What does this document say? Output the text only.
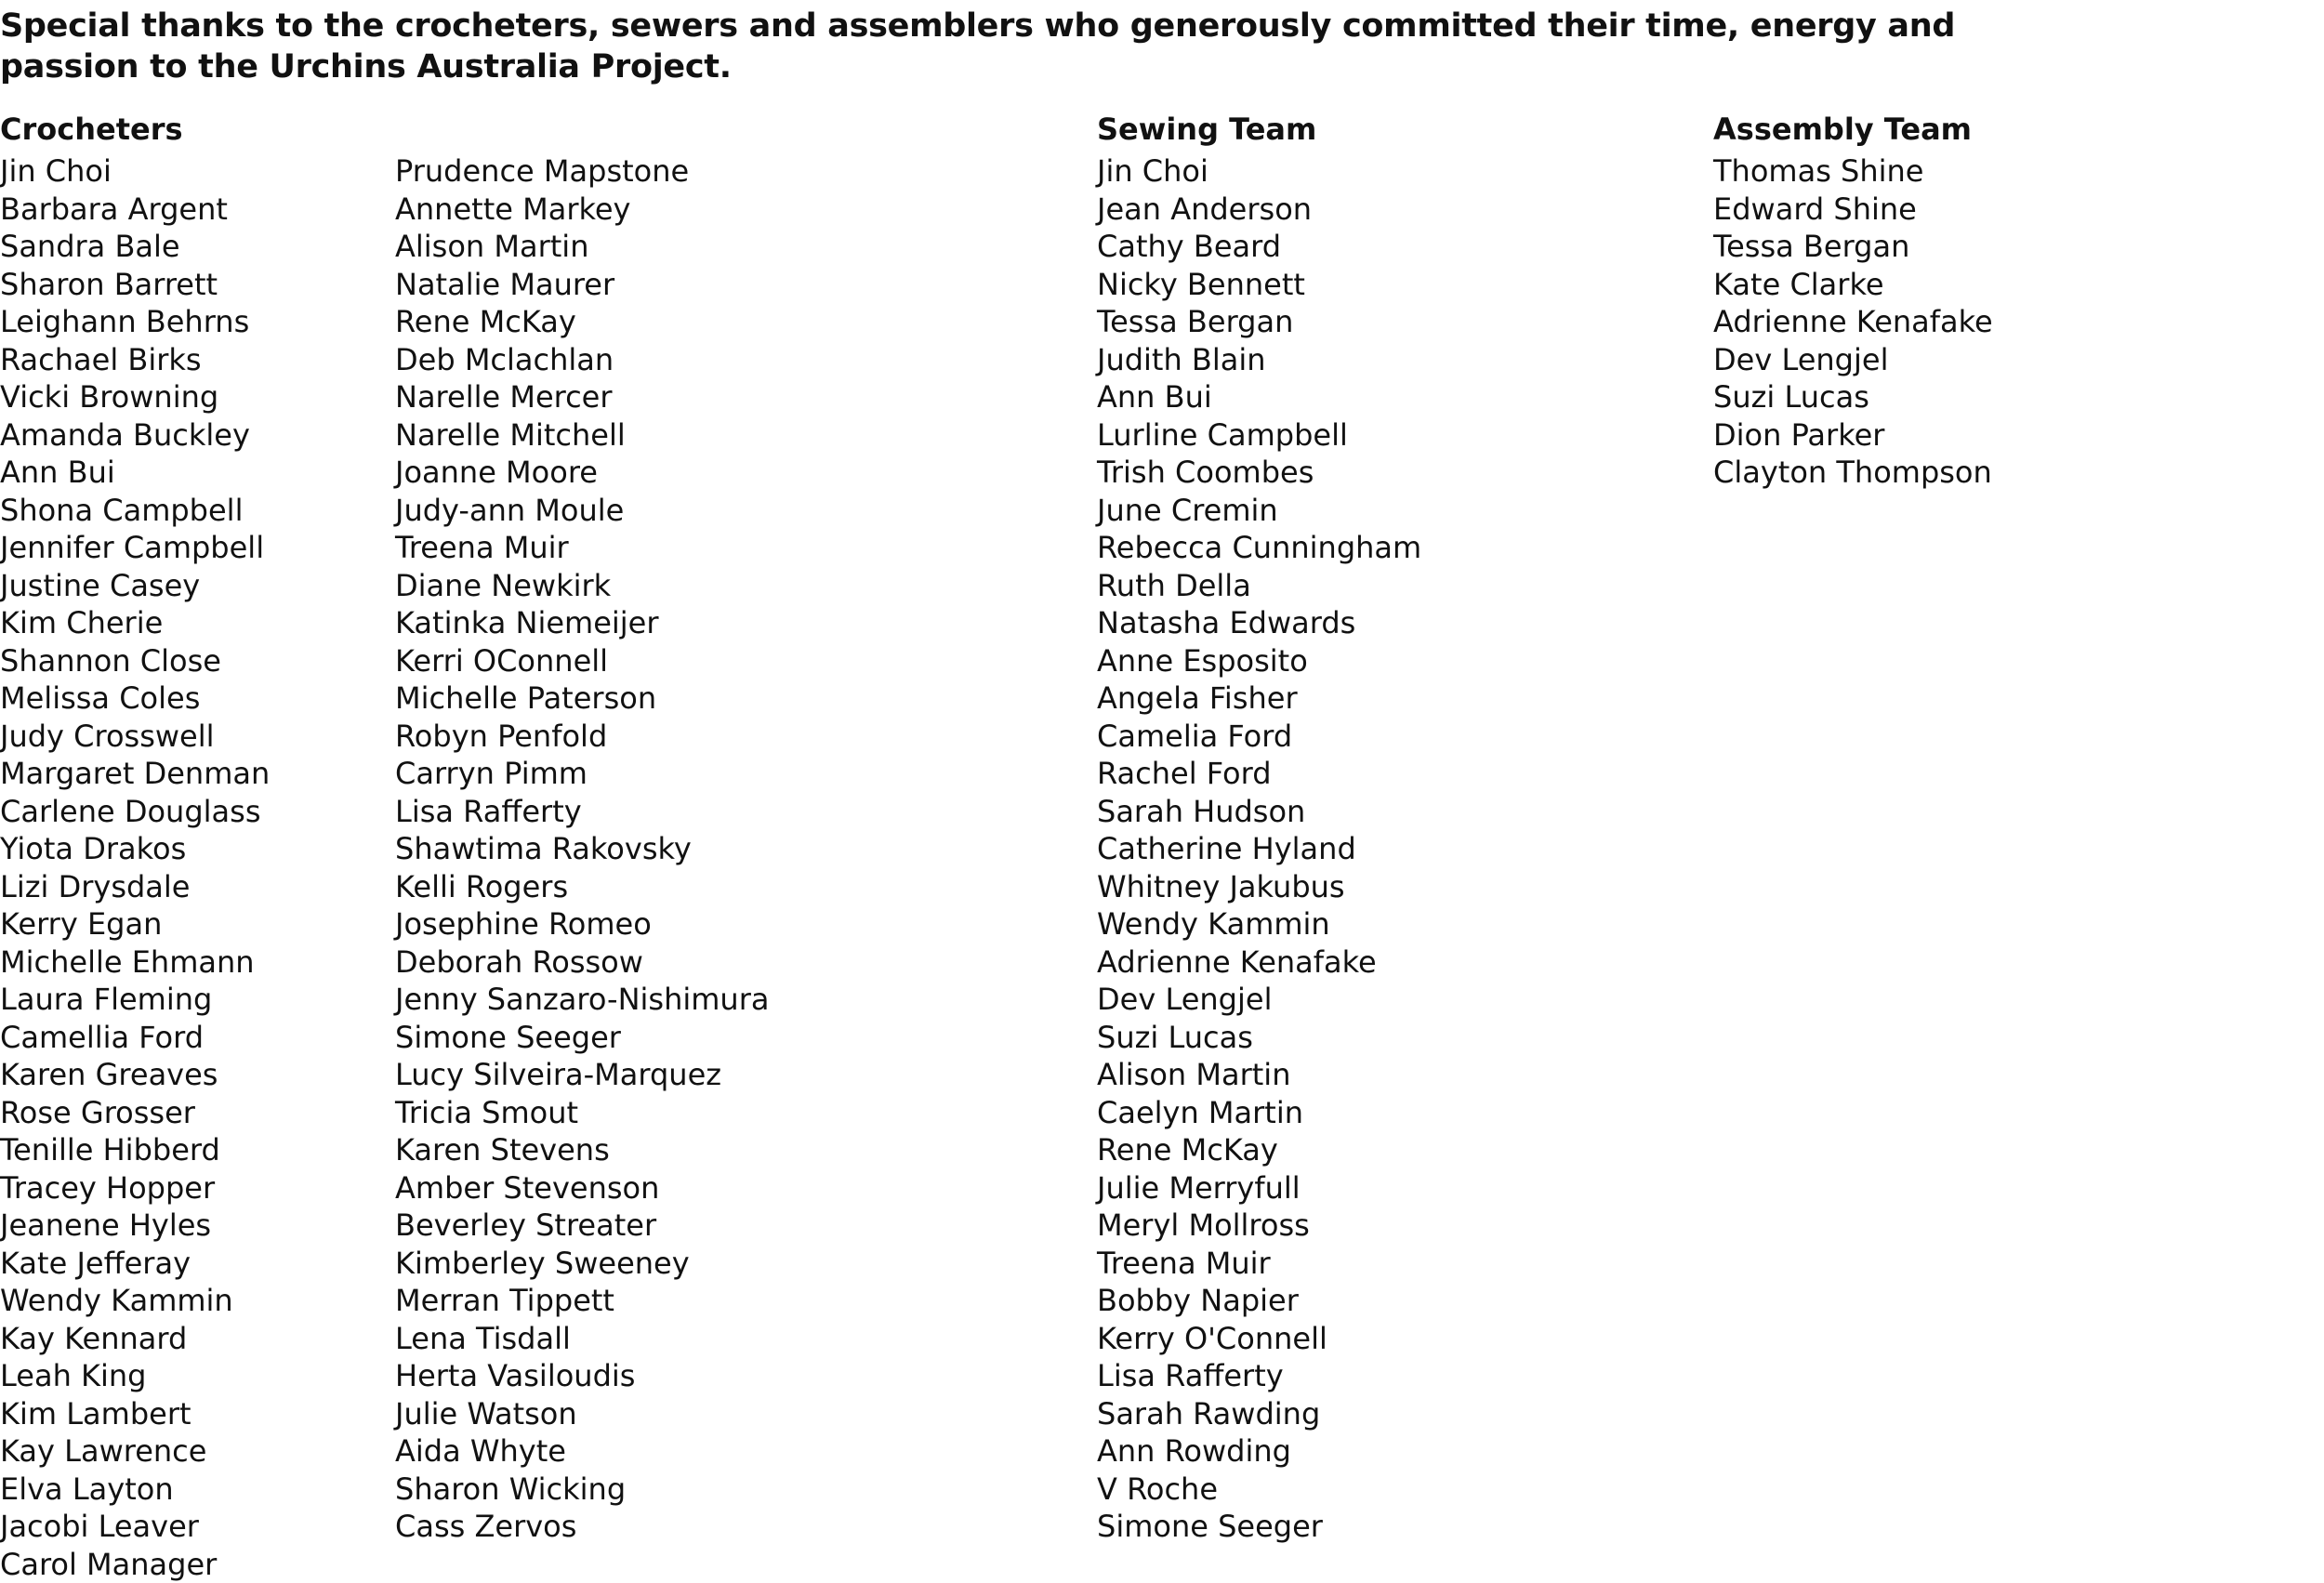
Special thanks to the crocheters, sewers and assemblers who generously committed their time, energy and passion to the Urchins Australia Project.

Crocheters
Jin Choi
Barbara Argent
Sandra Bale
Sharon Barrett
Leighann Behrns
Rachael Birks
Vicki Browning
Amanda Buckley
Ann Bui
Shona Campbell
Jennifer Campbell
Justine Casey
Kim Cherie
Shannon Close
Melissa Coles
Judy Crosswell
Margaret Denman
Carlene Douglass
Yiota Drakos
Lizi Drysdale
Kerry Egan
Michelle Ehmann
Laura Fleming
Camellia Ford
Karen Greaves
Rose Grosser
Tenille Hibberd
Tracey Hopper
Jeanene Hyles
Kate Jefferay
Wendy Kammin
Kay Kennard
Leah King
Kim Lambert
Kay Lawrence
Elva Layton
Jacobi Leaver
Carol Manager
Prudence Mapstone
Annette Markey
Alison Martin
Natalie Maurer
Rene McKay
Deb Mclachlan
Narelle Mercer
Narelle Mitchell
Joanne Moore
Judy-ann Moule
Treena Muir
Diane Newkirk
Katinka Niemeijer
Kerri OConnell
Michelle Paterson
Robyn Penfold
Carryn Pimm
Lisa Rafferty
Shawtima Rakovsky
Kelli Rogers
Josephine Romeo
Deborah Rossow
Jenny Sanzaro-Nishimura
Simone Seeger
Lucy Silveira-Marquez
Tricia Smout
Karen Stevens
Amber Stevenson
Beverley Streater
Kimberley Sweeney
Merran Tippett
Lena Tisdall
Herta Vasiloudis
Julie Watson
Aida Whyte
Sharon Wicking
Cass Zervos
Sewing Team
Jin Choi
Jean Anderson
Cathy Beard
Nicky Bennett
Tessa Bergan
Judith Blain
Ann Bui
Lurline Campbell
Trish Coombes
June Cremin
Rebecca Cunningham
Ruth Della
Natasha Edwards
Anne Esposito
Angela Fisher
Camelia Ford
Rachel Ford
Sarah Hudson
Catherine Hyland
Whitney Jakubus
Wendy Kammin
Adrienne Kenafake
Dev Lengjel
Suzi Lucas
Alison Martin
Caelyn Martin
Rene McKay
Julie Merryfull
Meryl Mollross
Treena Muir
Bobby Napier
Kerry O'Connell
Lisa Rafferty
Sarah Rawding
Ann Rowding
V Roche
Simone Seeger
Assembly Team
Thomas Shine
Edward Shine
Tessa Bergan
Kate Clarke
Adrienne Kenafake
Dev Lengjel
Suzi Lucas
Dion Parker
Clayton Thompson
